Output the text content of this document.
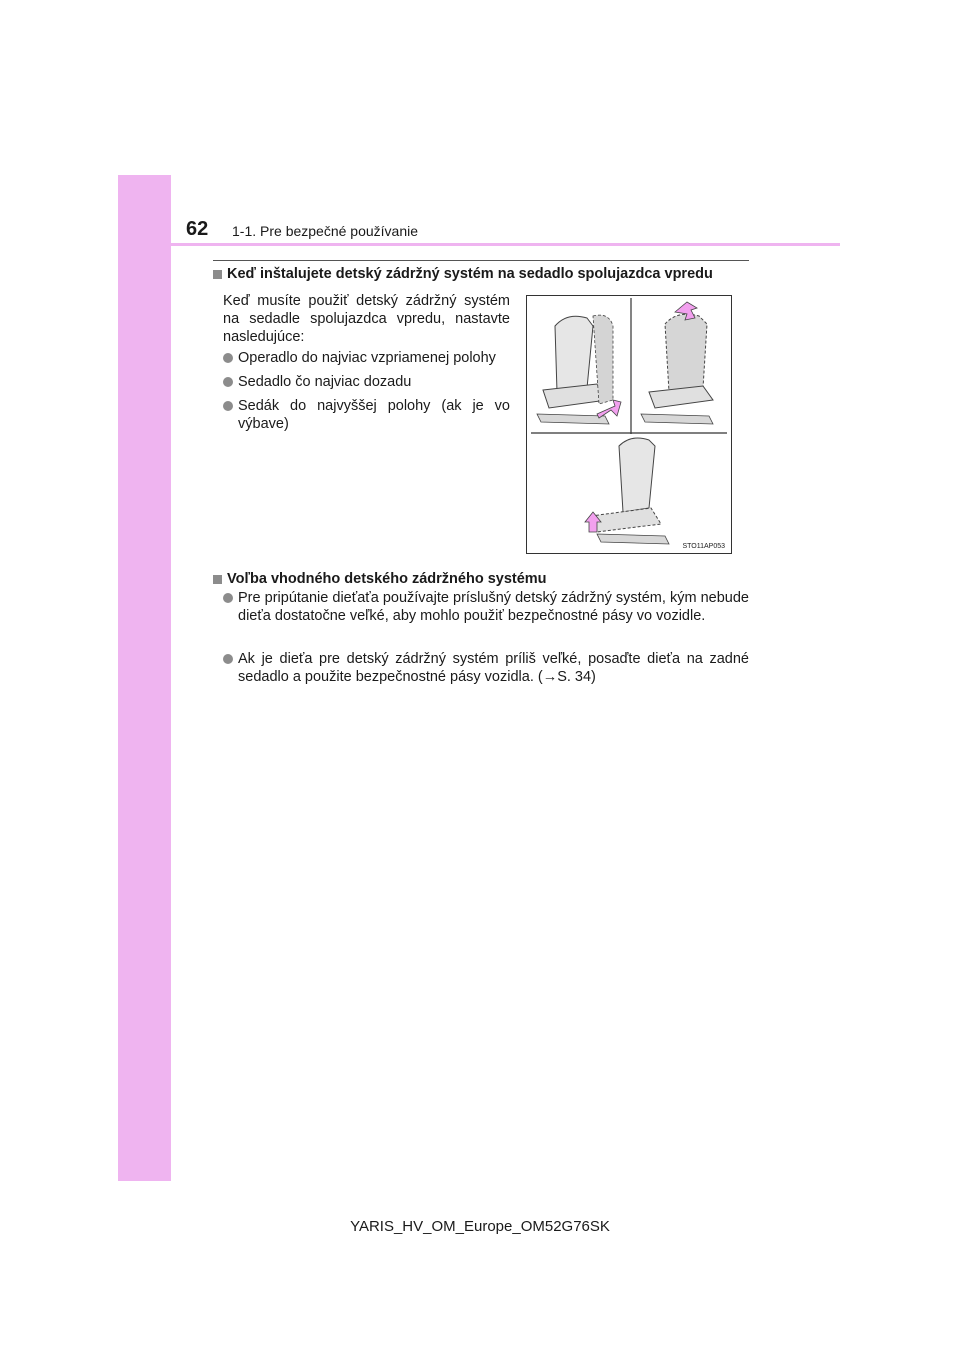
62 1-1. Pre bezpečné používanie
Keď inštalujete detský zádržný systém na sedadlo spolujazdca vpredu
Keď musíte použiť detský zádržný systém na sedadle spolujazdca vpredu, nastavte nasledujúce:
Operadlo do najviac vzpriamenej polohy
Sedadlo čo najviac dozadu
Sedák do najvyššej polohy (ak je vo výbave)
STO11AP053
Voľba vhodného detského zádržného systému
Pre pripútanie dieťaťa používajte príslušný detský zádržný systém, kým nebude dieťa dostatočne veľké, aby mohlo použiť bezpečnostné pásy vo vozidle.
Ak je dieťa pre detský zádržný systém príliš veľké, posaďte dieťa na zadné sedadlo a použite bezpečnostné pásy vozidla. (→S. 34)
YARIS_HV_OM_Europe_OM52G76SK
